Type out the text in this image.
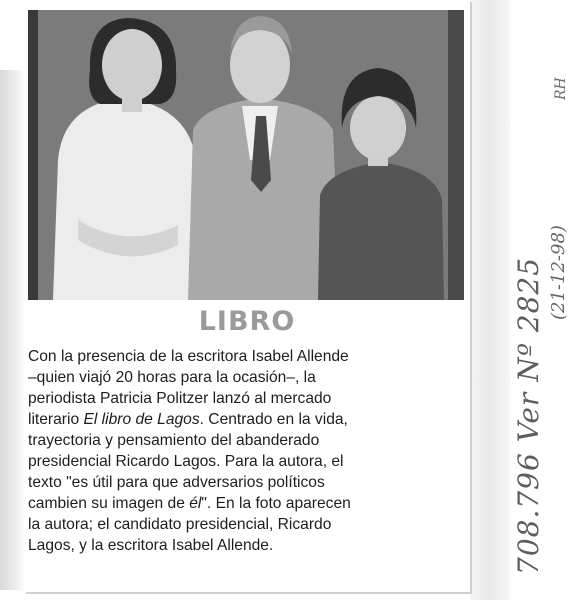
LIBRO

Con la presencia de la escritora Isabel Allende
–quien viajó 20 horas para la ocasión–, la
periodista Patricia Politzer lanzó al mercado
literario El libro de Lagos. Centrado en la vida,
trayectoria y pensamiento del abanderado
presidencial Ricardo Lagos. Para la autora, el
texto "es útil para que adversarios políticos
cambien su imagen de él". En la foto aparecen
la autora; el candidato presidencial, Ricardo
Lagos, y la escritora Isabel Allende.	708.796 Ver Nº 2825 (21-12-98)
RH
